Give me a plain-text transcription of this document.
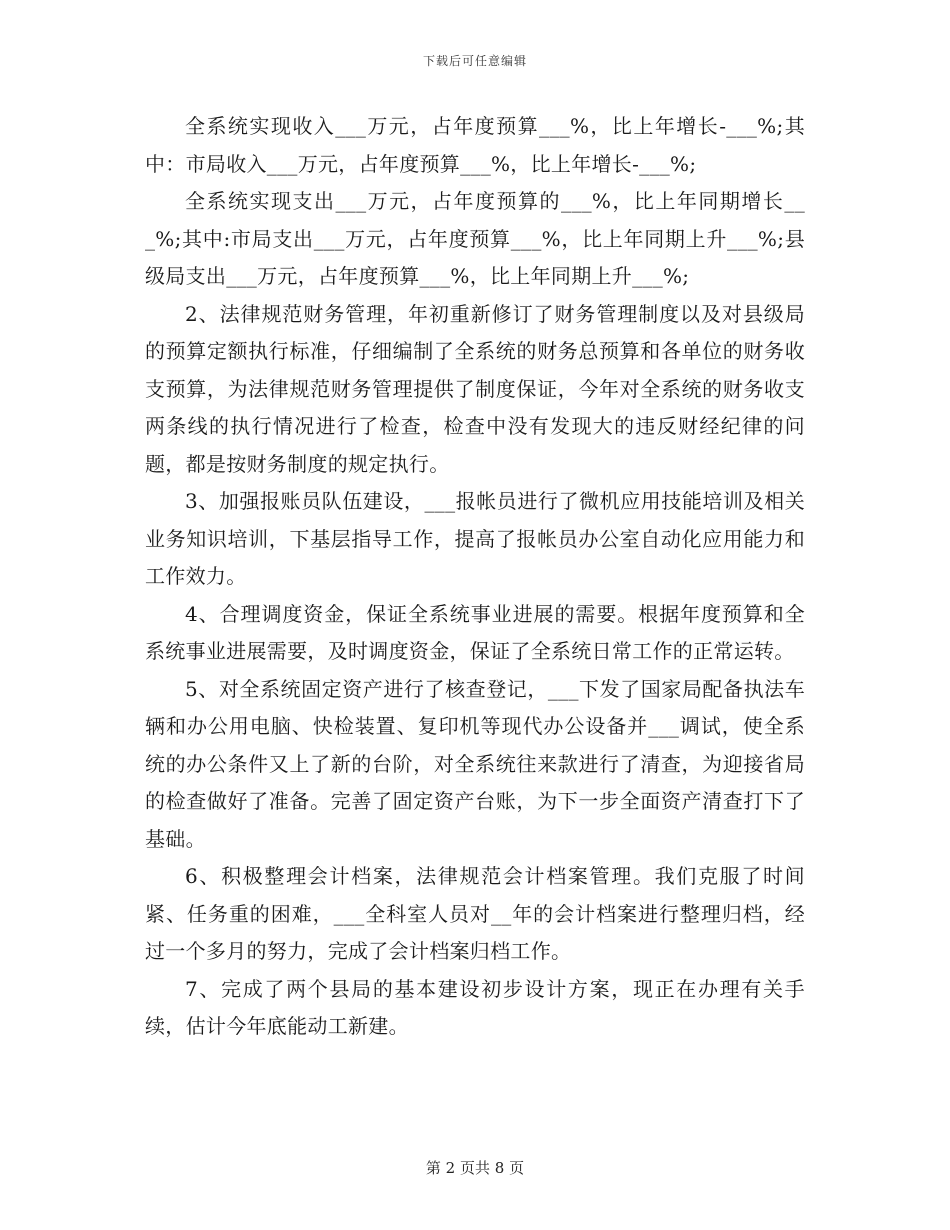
下载后可任意编辑

全系统实现收入___万元，占年度预算___%，比上年增长-___%;其中：市局收入___万元，占年度预算___%，比上年增长-___%;

全系统实现支出___万元，占年度预算的___%，比上年同期增长___%;其中:市局支出___万元，占年度预算___%，比上年同期上升___%;县级局支出___万元，占年度预算___%，比上年同期上升___%;

2、法律规范财务管理，年初重新修订了财务管理制度以及对县级局的预算定额执行标准，仔细编制了全系统的财务总预算和各单位的财务收支预算，为法律规范财务管理提供了制度保证，今年对全系统的财务收支两条线的执行情况进行了检查，检查中没有发现大的违反财经纪律的问题，都是按财务制度的规定执行。

3、加强报账员队伍建设，___报帐员进行了微机应用技能培训及相关业务知识培训，下基层指导工作，提高了报帐员办公室自动化应用能力和工作效力。

4、合理调度资金，保证全系统事业进展的需要。根据年度预算和全系统事业进展需要，及时调度资金，保证了全系统日常工作的正常运转。

5、对全系统固定资产进行了核查登记，___下发了国家局配备执法车辆和办公用电脑、快检装置、复印机等现代办公设备并___调试，使全系统的办公条件又上了新的台阶，对全系统往来款进行了清查，为迎接省局的检查做好了准备。完善了固定资产台账，为下一步全面资产清查打下了基础。

6、积极整理会计档案，法律规范会计档案管理。我们克服了时间紧、任务重的困难，___全科室人员对__年的会计档案进行整理归档，经过一个多月的努力，完成了会计档案归档工作。

7、完成了两个县局的基本建设初步设计方案，现正在办理有关手续，估计今年底能动工新建。

第 2 页共 8 页
